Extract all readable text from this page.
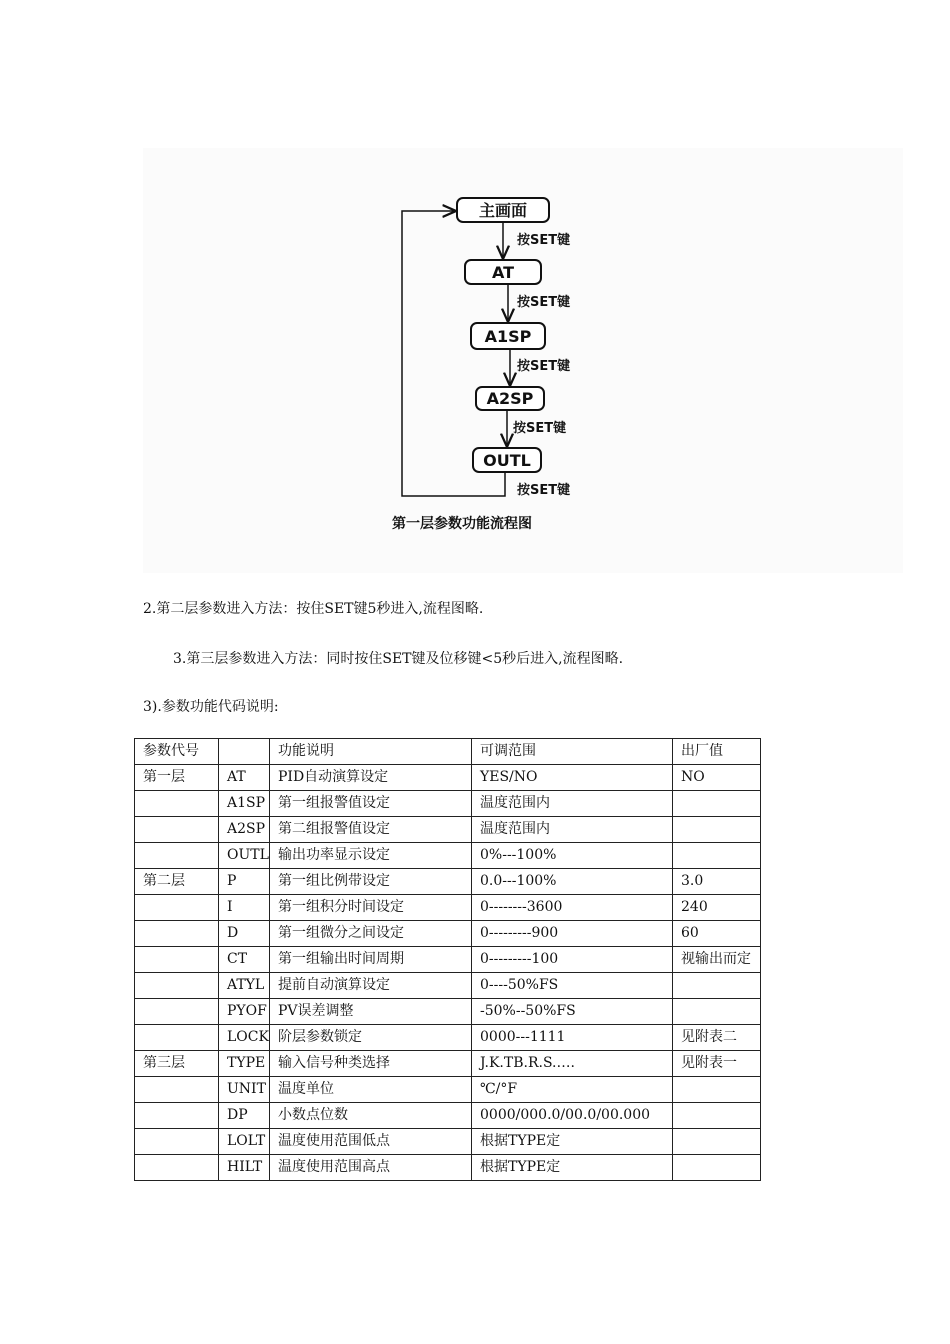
主画面
AT
A1SP
A2SP
OUTL
按SET键
按SET键
按SET键
按SET键
按SET键
第一层参数功能流程图
2.第二层参数进入方法：按住SET键5秒进入,流程图略.
3.第三层参数进入方法：同时按住SET键及位移键<5秒后进入,流程图略.
3).参数功能代码说明:
参数代号		功能说明	可调范围	出厂值
第一层	AT	PID自动演算设定	YES/NO	NO
	A1SP	第一组报警值设定	温度范围内	
	A2SP	第二组报警值设定	温度范围内	
	OUTL	输出功率显示设定	0%---100%	
第二层	P	第一组比例带设定	0.0---100%	3.0
	I	第一组积分时间设定	0--------3600	240
	D	第一组微分之间设定	0---------900	60
	CT	第一组输出时间周期	0---------100	视输出而定
	ATYL	提前自动演算设定	0----50%FS	
	PYOF	PV误差调整	-50%--50%FS	
	LOCK	阶层参数锁定	0000---1111	见附表二
第三层	TYPE	输入信号种类选择	J.K.TB.R.S.….	见附表一
	UNIT	温度单位	℃/°F	
	DP	小数点位数	0000/000.0/00.0/00.000	
	LOLT	温度使用范围低点	根据TYPE定	
	HILT	温度使用范围高点	根据TYPE定	
